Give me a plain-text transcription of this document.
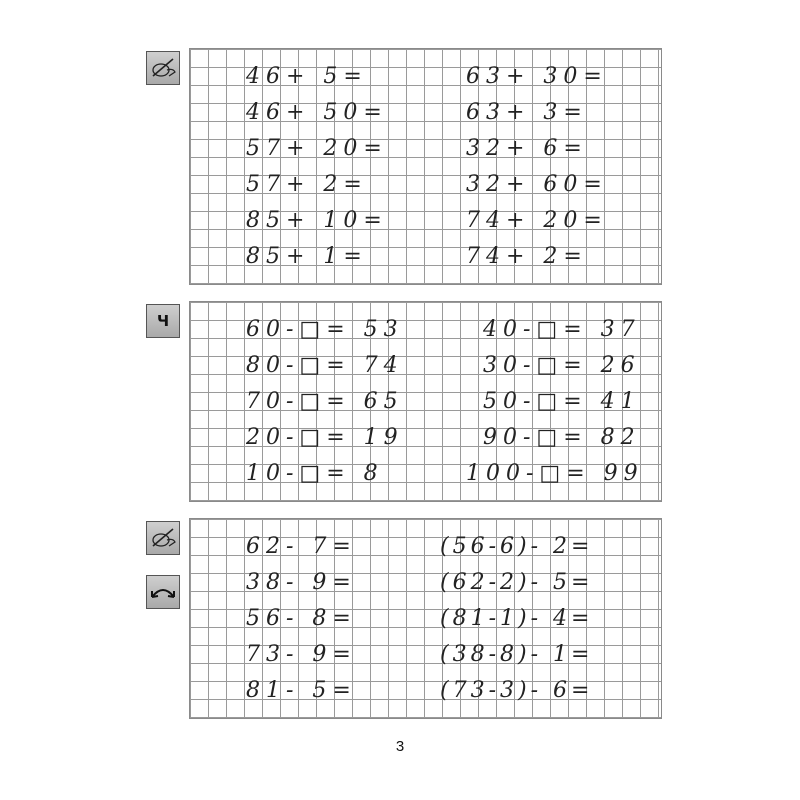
46+ 5=
46+ 50=
57+ 20=
57+ 2=
85+ 10=
85+ 1=
63+ 30=
63+ 3=
32+ 6=
32+ 60=
74+ 20=
74+ 2=
Ч	60-□= 53
80-□= 74
70-□= 65
20-□= 19
10-□= 8
40-□= 37
30-□= 26
50-□= 41
90-□= 82
100-□= 99
62- 7=
38- 9=
56- 8=
73- 9=
81- 5=
(56-6)- 2=
(62-2)- 5=
(81-1)- 4=
(38-8)- 1=
(73-3)- 6=
3
